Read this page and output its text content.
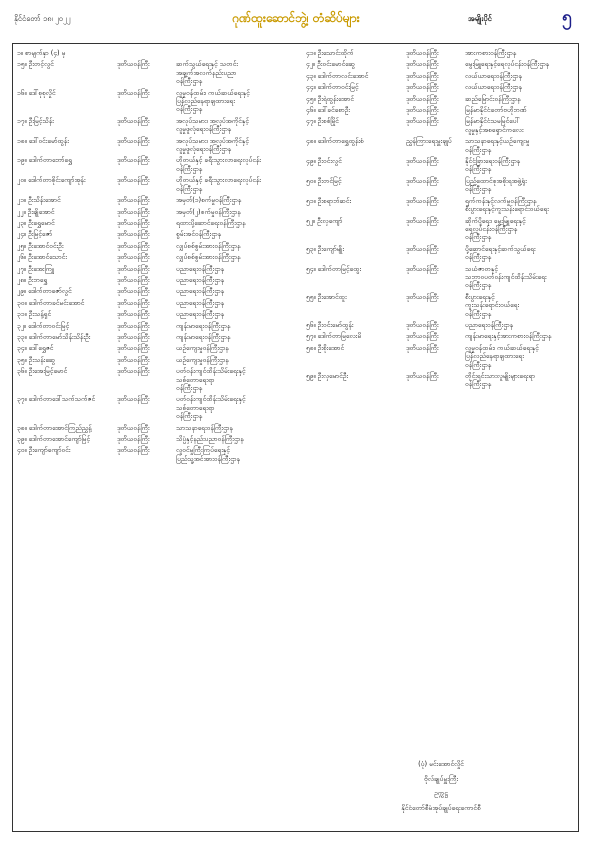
နိုင်ငံတော် ၁၈၊ ၂၀၂၂	ဂုဏ်ထူးဆောင်ဘွဲ့၊ တံဆိပ်များ	အမျိုးပိုင်	၅
၁။ စာမျက်နှာ (၄) မှ
၁၅။ ဦးတင့်လွင်	ဒုတိယဝန်ကြီး	ဆက်သွယ်ရေးနှင့် သတင်း
အချက်အလက်နည်းပညာ
ဝန်ကြီးဌာန
၁၆။ ဒေါ်စုစုလှိုင်	ဒုတိယဝန်ကြီး	လူမှုဝန်ထမ်း၊ ကယ်ဆယ်ရေးနှင့်
ပြန်လည်နေရာချထားရေး
ဝန်ကြီးဌာန
၁၇။ ဦးမြင့်သိန်း	ဒုတိယဝန်ကြီး	အလုပ်သမား၊ အလုပ်အကိုင်နှင့်
လူမှုဖူလုံရေးဝန်ကြီးဌာန
၁၈။ ဒေါ်ဝင်းမော်ထွန်း	ဒုတိယဝန်ကြီး	အလုပ်သမား၊ အလုပ်အကိုင်နှင့်
လူမှုဖူလုံရေးဝန်ကြီးဌာန
၁၉။ ဒေါက်တာဘော်ရွှေ	ဒုတိယဝန်ကြီး	ဟိုတယ်နှင့် ခရီးသွားလာရေးလုပ်ငန်း
ဝန်ကြီးဌာန
၂၀။ ဒေါက်တာစိုင်းကျော်အုန်း	ဒုတိယဝန်ကြီး	ဟိုတယ်နှင့် ခရီးသွားလာရေးလုပ်ငန်း
ဝန်ကြီးဌာန
၂၁။ ဦးသိန်းအောင်	ဒုတိယဝန်ကြီး	အမှတ်(၁)စက်မှုဝန်ကြီးဌာန
၂၂။ ဦးချိုအောင်	ဒုတိယဝန်ကြီး	အမှတ်(၂)စက်မှုဝန်ကြီးဌာန
၂၃။ ဦးရွှေမောင်	ဒုတိယဝန်ကြီး	ရထားပို့ဆောင်ရေးဝန်ကြီးဌာန
၂၄။ ဦးမြင့်ဇော်	ဒုတိယဝန်ကြီး	စွမ်းအင်ဝန်ကြီးဌာန
၂၅။ ဦးအောင်ဝင်းဦး	ဒုတိယဝန်ကြီး	လျှပ်စစ်စွမ်းအားဝန်ကြီးဌာန
၂၆။ ဦးအောင်သောင်း	ဒုတိယဝန်ကြီး	လျှပ်စစ်စွမ်းအားဝန်ကြီးဌာန
၂၇။ ဦးအေးကြူ	ဒုတိယဝန်ကြီး	ပညာရေးဝန်ကြီးဌာန
၂၈။ ဦးဘရွှေ	ဒုတိယဝန်ကြီး	ပညာရေးဝန်ကြီးဌာန
၂၉။ ဒေါက်တာဇော်လွင်	ဒုတိယဝန်ကြီး	ပညာရေးဝန်ကြီးဌာန
၃၀။ ဒေါက်တာခင်မင်းအောင်	ဒုတိယဝန်ကြီး	ပညာရေးဝန်ကြီးဌာန
၃၁။ ဦးသန့်ရှင်	ဒုတိယဝန်ကြီး	ပညာရေးဝန်ကြီးဌာန
၃၂။ ဒေါက်တာဝင်းမြင့်	ဒုတိယဝန်ကြီး	ကျန်းမာရေးဝန်ကြီးဌာန
၃၃။ ဒေါက်တာမော်သိန်းသိန်းဦး	ဒုတိယဝန်ကြီး	ကျန်းမာရေးဝန်ကြီးဌာန
၃၄။ ဒေါ်ရွှေဇင်	ဒုတိယဝန်ကြီး	ယဉ်ကျေးမှုဝန်ကြီးဌာန
၃၅။ ဦးသန်းဆွေ	ဒုတိယဝန်ကြီး	ယဉ်ကျေးမှုဝန်ကြီးဌာန
၃၆။ ဦးအေးမြင့်မောင်	ဒုတိယဝန်ကြီး	ပတ်ဝန်းကျင်ထိန်းသိမ်းရေးနှင့်
သစ်တောရေးရာ
ဝန်ကြီးဌာန
၃၇။ ဒေါက်တာဒေါ်သက်သက်ဇင်	ဒုတိယဝန်ကြီး	ပတ်ဝန်းကျင်ထိန်းသိမ်းရေးနှင့်
သစ်တောရေးရာ
ဝန်ကြီးဌာန
၃၈။ ဒေါက်တာအောင်ကြည်ညွှန့်	ဒုတိယဝန်ကြီး	သာသနာရေးဝန်ကြီးဌာန
၃၉။ ဒေါက်တာအောင်ကျော်မြင့်	ဒုတိယဝန်ကြီး	သိပ္ပံနှင့်နည်းပညာဝန်ကြီးဌာန
၄၀။ ဦးကျော်ကျော်ဝင်း	ဒုတိယဝန်ကြီး	လူဝင်မှုကြီးကြပ်ရေးနှင့်
ပြည်သူ့အင်အားဝန်ကြီးဌာန
၄၁။ ဦးသောင်းထိုက်	ဒုတိယဝန်ကြီး	အားကစားဝန်ကြီးဌာန
၄၂။ ဦးဝင်းမောင်ဆွေ	ဒုတိယဝန်ကြီး	မွေးမြူရေးနှင့်ရေလုပ်ငန်းဝန်ကြီးဌာန
၄၃။ ဒေါက်တာလင်းအောင်	ဒုတိယဝန်ကြီး	လယ်ယာရေးဝန်ကြီးဌာန
၄၄။ ဒေါက်တာဝင်းမြင့်	ဒုတိယဝန်ကြီး	လယ်ယာရေးဝန်ကြီးဌာန
၄၅။ ဦးရဲထွန်းအောင်	ဒုတိယဝန်ကြီး	ဆည်မြောင်းဝန်ကြီးဌာန
၄၆။ ဒေါ်ခင်စောဦး	ဒုတိယဝန်ကြီး	မြန်မာနိုင်ငံတော်ဗဟိုဘဏ်
၄၇။ ဦးစစ်မြိုင်	ဒုတိယဝန်ကြီး	မြန်မာနိုင်ငံသမမြင်ပေါ်
လူမှုနှင့်အစရှောင်ကလေး
၄၈။ ဒေါက်တာရွှေထွန်းစံ	ညွှန်ကြားရေးမှူးချုပ်	သာသနာရေးနှင့်ယဉ်ကျေးမှု
ဝန်ကြီးဌာန
၄၉။ ဦးဝင်းလွင်	ဒုတိယဝန်ကြီး	နိုင်ငံခြားရေးဝန်ကြီးဌာန
ဝန်ကြီးဌာန
၅၀။ ဦးတင်မြင့်	ဒုတိယဝန်ကြီး	ပြည်ထောင်စုအစိုးရအဖွဲ့ရုံး
ဝန်ကြီးဌာန
၅၁။ ဦးစရာဘ်ဆင်း	ဒုတိယဝန်ကြီး	ရက်ကန်းနှင့်လက်မှုဝန်ကြီးဌာန
စီးပွားရေးနှင့်ကူးသန်းရောင်းဝယ်ရေး
၅၂။ ဦးလှကျော်	ဒုတိယဝန်ကြီး	ဆိုက်ပို့ရေး၊ မွေးမြူရေးနှင့်
ရေလုပ်ငန်းဝန်ကြီးဌာန
ဝန်ကြီးဌာန
၅၃။ ဦးကျော်မျိုး	ဒုတိယဝန်ကြီး	ပို့ဆောင်ရေးနှင့်ဆက်သွယ်ရေး
ဝန်ကြီးဌာန
၅၄။ ဒေါက်တာမြင့်ထွေး	ဒုတိယဝန်ကြီး	သယံဇာတနှင့်
သဘာဝပတ်ဝန်းကျင်ထိန်းသိမ်းရေး
ဝန်ကြီးဌာန
၅၅။ ဦးအောင်ထူး	ဒုတိယဝန်ကြီး	စီးပွားရေးနှင့်
ကူးသန်းရောင်းဝယ်ရေး
ဝန်ကြီးဌာန
၅၆။ ဦးဝင်းမော်ထွန်း	ဒုတိယဝန်ကြီး	ပညာရေးဝန်ကြီးဌာန
၅၇။ ဒေါက်တာမြလေးမိ	ဒုတိယဝန်ကြီး	ကျန်းမာရေးနှင့်အားကစားဝန်ကြီးဌာန
၅၈။ ဦးစိုးအောင်	ဒုတိယဝန်ကြီး	လူမှုဝန်ထမ်း၊ ကယ်ဆယ်ရေးနှင့်
ပြန်လည်နေရာချထားရေး
ဝန်ကြီးဌာန
၅၉။ ဦးလှမောင်ဦး	ဒုတိယဝန်ကြီး	တိုင်းရင်းသားလူမျိုးများရေးရာ
ဝန်ကြီးဌာန
(ပုံ) မင်းအောင်လှိုင်
ဗိုလ်ချုပ်မှူးကြီး
ဥက္ကဋ္ဌ
နိုင်ငံတော်စီမံအုပ်ချုပ်ရေးကောင်စီ
